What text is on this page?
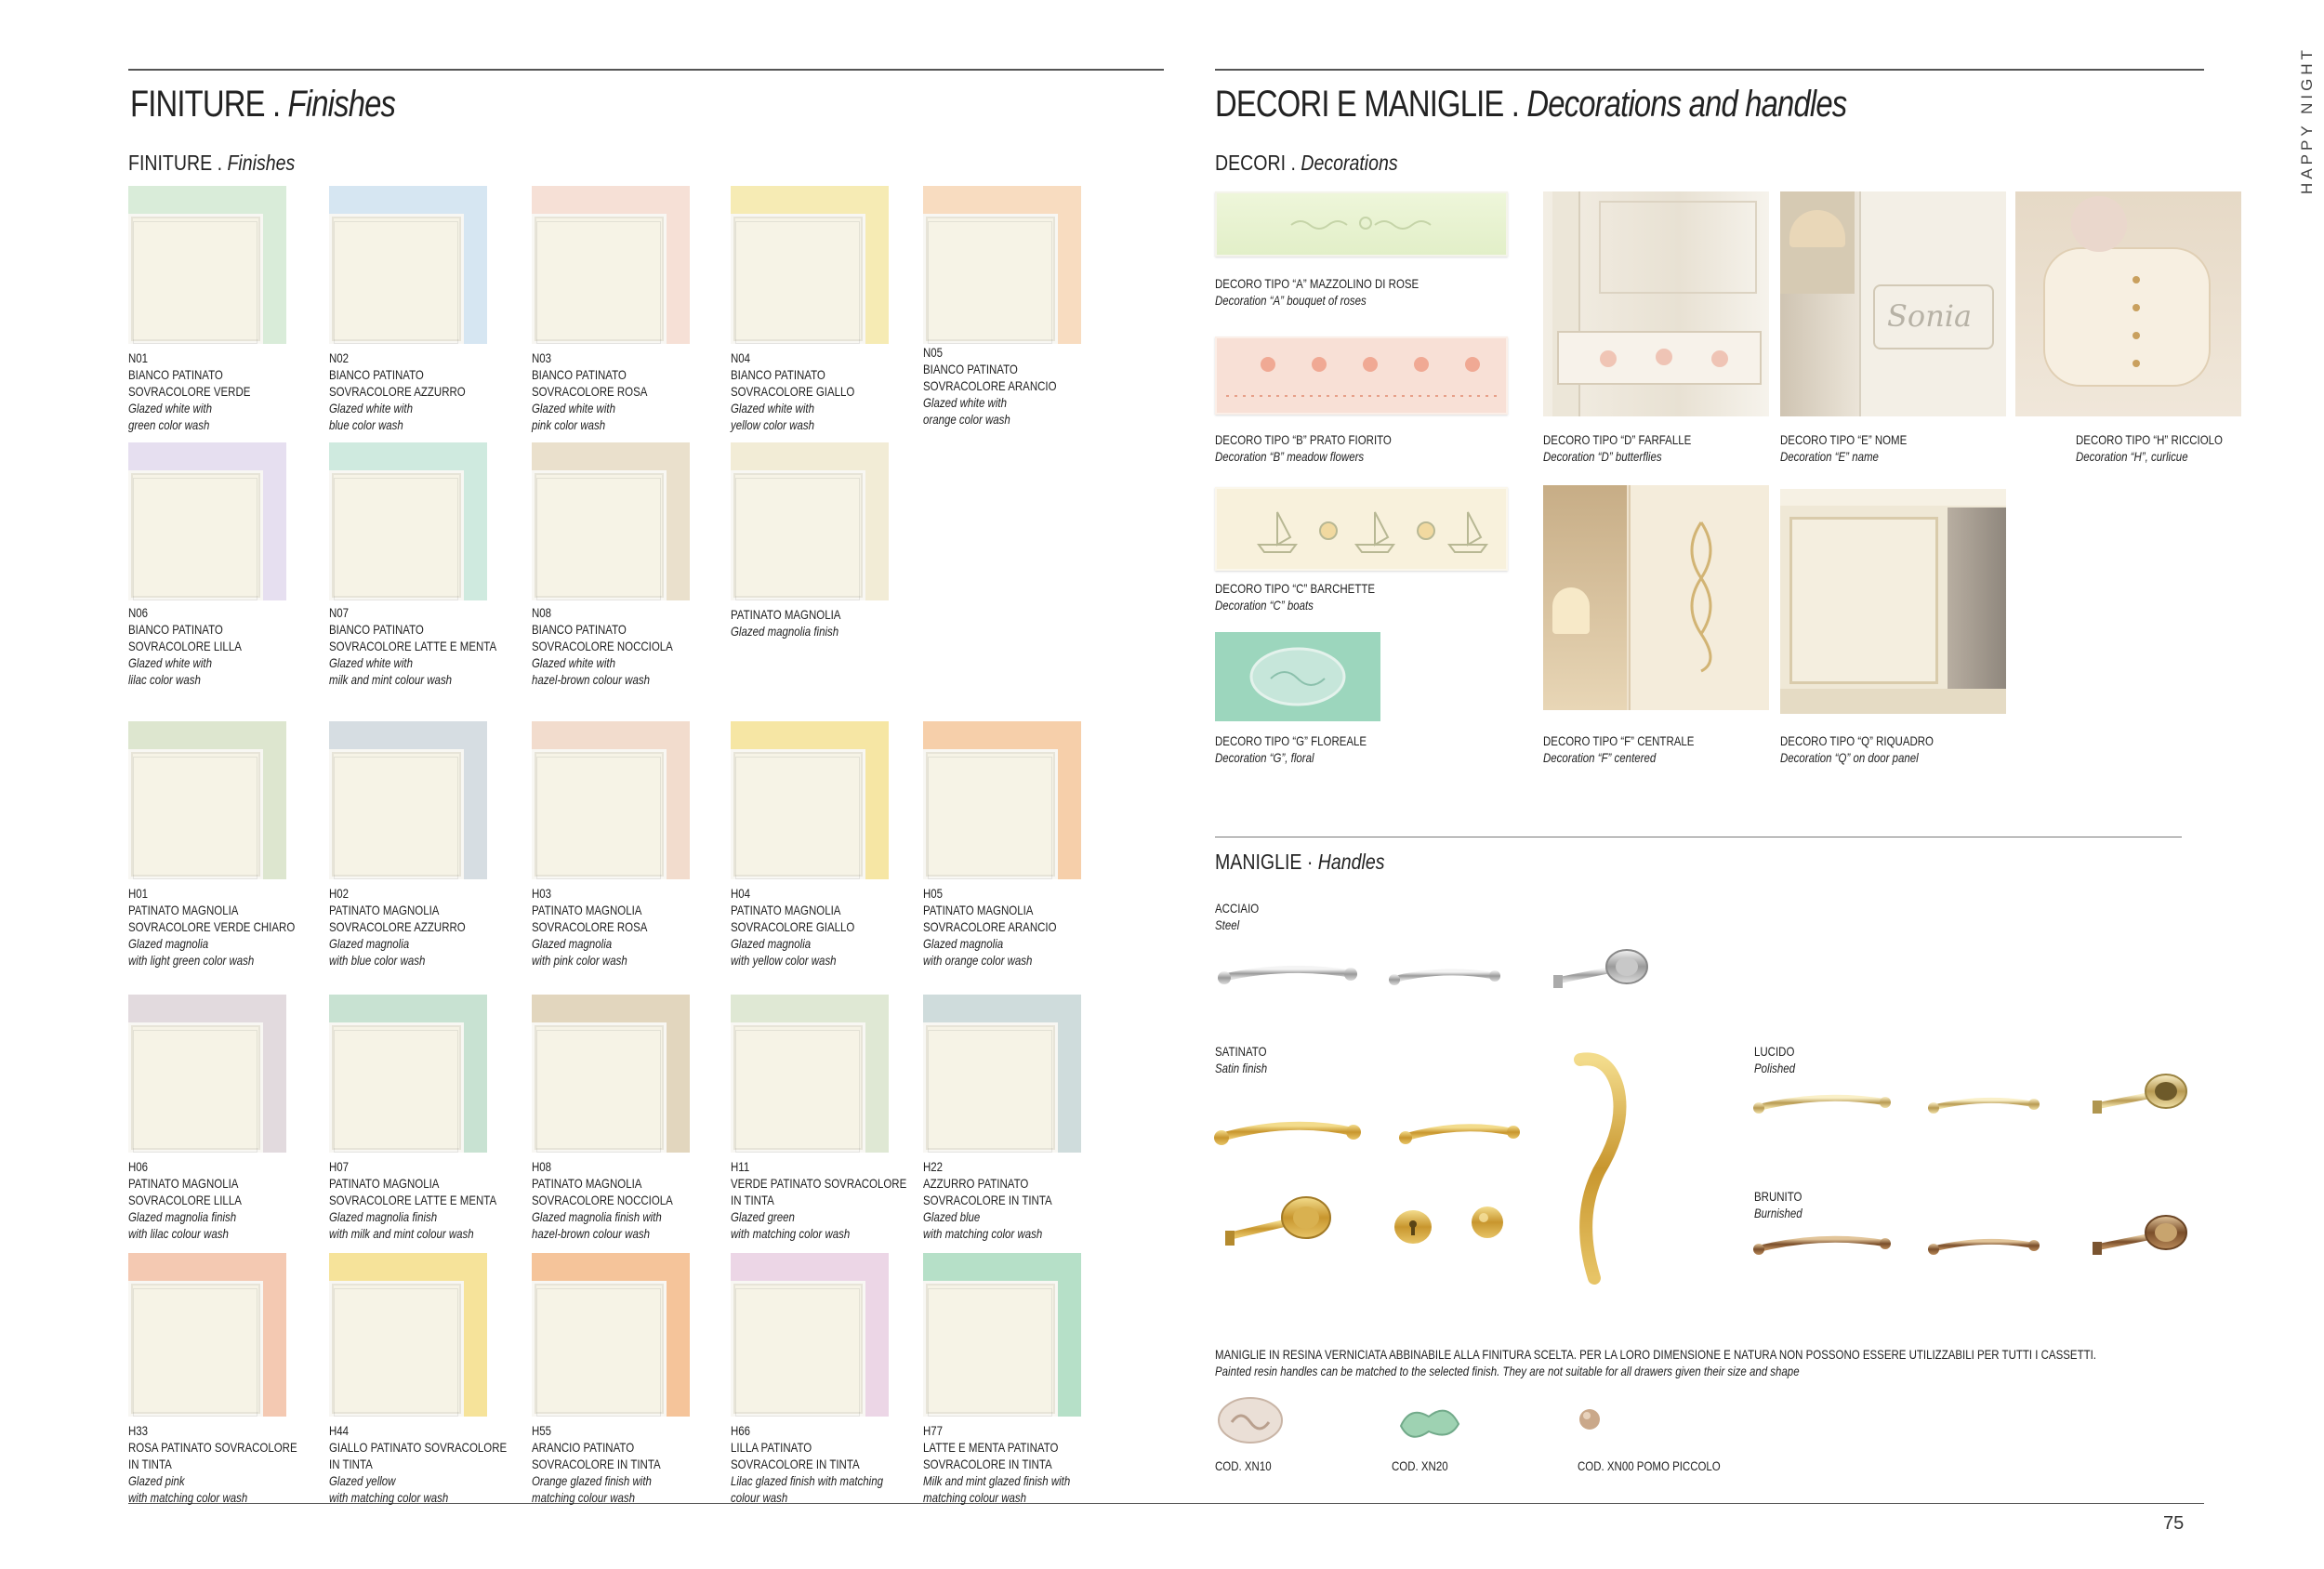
HAPPY NIGHT
75
FINITURE . Finishes
FINITURE . Finishes
N01
BIANCO PATINATO
SOVRACOLORE VERDE
Glazed white with
green color wash
N02
BIANCO PATINATO
SOVRACOLORE AZZURRO
Glazed white with
blue color wash
N03
BIANCO PATINATO
SOVRACOLORE ROSA
Glazed white with
pink color wash
N04
BIANCO PATINATO
SOVRACOLORE GIALLO
Glazed white with
yellow color wash
N05
BIANCO PATINATO
SOVRACOLORE ARANCIO
Glazed white with
orange color wash
N06
BIANCO PATINATO
SOVRACOLORE LILLA
Glazed white with
lilac color wash
N07
BIANCO PATINATO
SOVRACOLORE LATTE E MENTA
Glazed white with
milk and mint colour wash
N08
BIANCO PATINATO
SOVRACOLORE NOCCIOLA
Glazed white with
hazel-brown colour wash
PATINATO MAGNOLIA
Glazed magnolia finish
H01
PATINATO MAGNOLIA
SOVRACOLORE VERDE CHIARO
Glazed magnolia
with light green color wash
H02
PATINATO MAGNOLIA
SOVRACOLORE AZZURRO
Glazed magnolia
with blue color wash
H03
PATINATO MAGNOLIA
SOVRACOLORE ROSA
Glazed magnolia
with pink color wash
H04
PATINATO MAGNOLIA
SOVRACOLORE GIALLO
Glazed magnolia
with yellow color wash
H05
PATINATO MAGNOLIA
SOVRACOLORE ARANCIO
Glazed magnolia
with orange color wash
H06
PATINATO MAGNOLIA
SOVRACOLORE LILLA
Glazed magnolia finish
with lilac colour wash
H07
PATINATO MAGNOLIA
SOVRACOLORE LATTE E MENTA
Glazed magnolia finish
with milk and mint colour wash
H08
PATINATO MAGNOLIA
SOVRACOLORE NOCCIOLA
Glazed magnolia finish with
hazel-brown colour wash
H11
VERDE PATINATO SOVRACOLORE
IN TINTA
Glazed green
with matching color wash
H22
AZZURRO PATINATO
SOVRACOLORE IN TINTA
Glazed blue
with matching color wash
H33
ROSA PATINATO SOVRACOLORE
IN TINTA
Glazed pink
with matching color wash
H44
GIALLO PATINATO SOVRACOLORE
IN TINTA
Glazed yellow
with matching color wash
H55
ARANCIO PATINATO
SOVRACOLORE IN TINTA
Orange glazed finish with
matching colour wash
H66
LILLA PATINATO
SOVRACOLORE IN TINTA
Lilac glazed finish with matching
colour wash
H77
LATTE E MENTA PATINATO
SOVRACOLORE IN TINTA
Milk and mint glazed finish with
matching colour wash
DECORI E MANIGLIE . Decorations and handles
DECORI . Decorations
DECORO TIPO “A” MAZZOLINO DI ROSE
Decoration “A” bouquet of roses
DECORO TIPO “B” PRATO FIORITO
Decoration “B” meadow flowers
DECORO TIPO “C” BARCHETTE
Decoration “C” boats
DECORO TIPO “G” FLOREALE
Decoration “G”, floral
DECORO TIPO “D” FARFALLE
Decoration “D” butterflies
Sonia
DECORO TIPO “E” NOME
Decoration “E” name
DECORO TIPO “H” RICCIOLO
Decoration “H”, curlicue
DECORO TIPO “F” CENTRALE
Decoration “F” centered
DECORO TIPO “Q” RIQUADRO
Decoration “Q” on door panel
MANIGLIE · Handles
ACCIAIO
Steel
SATINATO
Satin finish
LUCIDO
Polished
BRUNITO
Burnished
MANIGLIE IN RESINA VERNICIATA ABBINABILE ALLA FINITURA SCELTA. PER LA LORO DIMENSIONE E NATURA NON POSSONO ESSERE UTILIZZABILI PER TUTTI I CASSETTI.
Painted resin handles can be matched to the selected finish. They are not suitable for all drawers given their size and shape
COD. XN10	COD. XN20	COD. XN00 POMO PICCOLO
